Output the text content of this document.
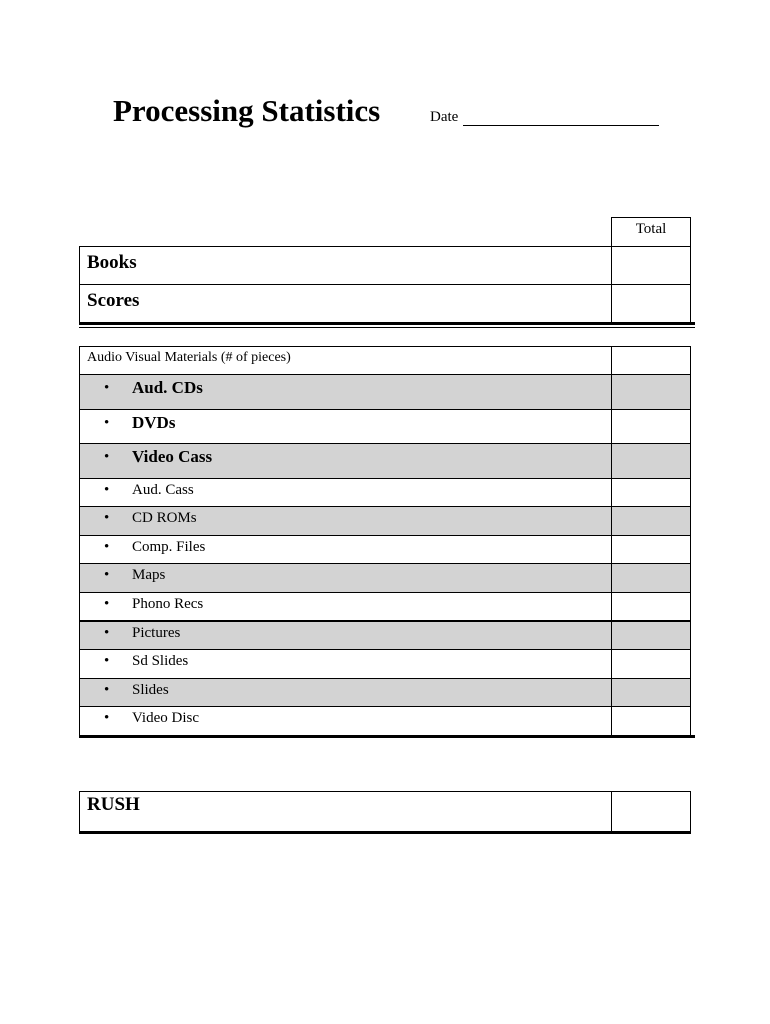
Processing Statistics	Date
Total
Books
Scores
Audio Visual Materials (# of pieces)
• Aud. CDs
• DVDs
• Video Cass
• Aud. Cass
• CD ROMs
• Comp. Files
• Maps
• Phono Recs
• Pictures
• Sd Slides
• Slides
• Video Disc
RUSH
